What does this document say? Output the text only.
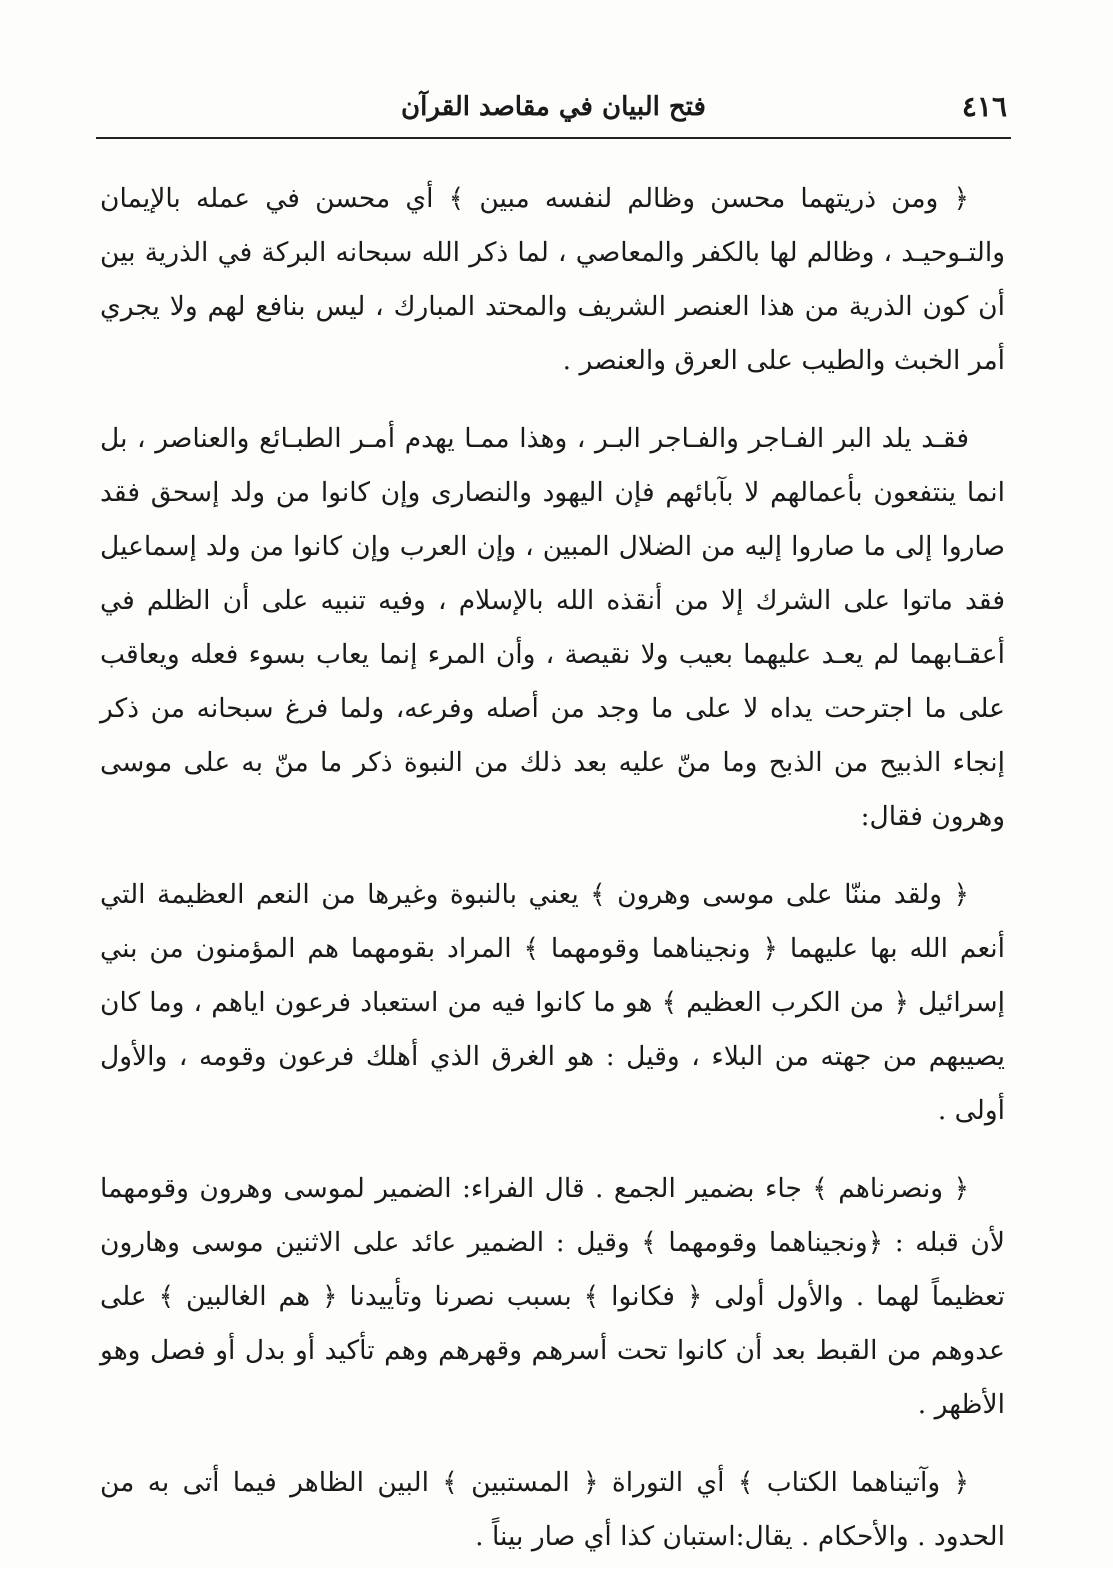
٤١٦
فتح البيان في مقاصد القرآن

﴿ ومن ذريتهما محسن وظالم لنفسه مبين ﴾ أي محسن في عمله بالإيمان والتـوحيـد ، وظالم لها بالكفر والمعاصي ، لما ذكر الله سبحانه البركة في الذرية بين أن كون الذرية من هذا العنصر الشريف والمحتد المبارك ، ليس بنافع لهم ولا يجري أمر الخبث والطيب على العرق والعنصر .

فقـد يلد البر الفـاجر والفـاجر البـر ، وهذا ممـا يهدم أمـر الطبـائع والعناصر ، بل انما ينتفعون بأعمالهم لا بآبائهم فإن اليهود والنصارى وإن كانوا من ولد إسحق فقد صاروا إلى ما صاروا إليه من الضلال المبين ، وإن العرب وإن كانوا من ولد إسماعيل فقد ماتوا على الشرك إلا من أنقذه الله بالإسلام ، وفيه تنبيه على أن الظلم في أعقـابهما لم يعـد عليهما بعيب ولا نقيصة ، وأن المرء إنما يعاب بسوء فعله ويعاقب على ما اجترحت يداه لا على ما وجد من أصله وفرعه، ولما فرغ سبحانه من ذكر إنجاء الذبيح من الذبح وما منّ عليه بعد ذلك من النبوة ذكر ما منّ به على موسى وهرون فقال:

﴿ ولقد مننّا على موسى وهرون ﴾ يعني بالنبوة وغيرها من النعم العظيمة التي أنعم الله بها عليهما ﴿ ونجيناهما وقومهما ﴾ المراد بقومهما هم المؤمنون من بني إسرائيل ﴿ من الكرب العظيم ﴾ هو ما كانوا فيه من استعباد فرعون اياهم ، وما كان يصيبهم من جهته من البلاء ، وقيل : هو الغرق الذي أهلك فرعون وقومه ، والأول أولى .

﴿ ونصرناهم ﴾ جاء بضمير الجمع . قال الفراء: الضمير لموسى وهرون وقومهما لأن قبله : ﴿ونجيناهما وقومهما ﴾ وقيل : الضمير عائد على الاثنين موسى وهارون تعظيماً لهما . والأول أولى ﴿ فكانوا ﴾ بسبب نصرنا وتأييدنا ﴿ هم الغالبين ﴾ على عدوهم من القبط بعد أن كانوا تحت أسرهم وقهرهم وهم تأكيد أو بدل أو فصل وهو الأظهر .

﴿ وآتيناهما الكتاب ﴾ أي التوراة ﴿ المستبين ﴾ البين الظاهر فيما أتى به من الحدود . والأحكام . يقال:استبان كذا أي صار بيناً .
